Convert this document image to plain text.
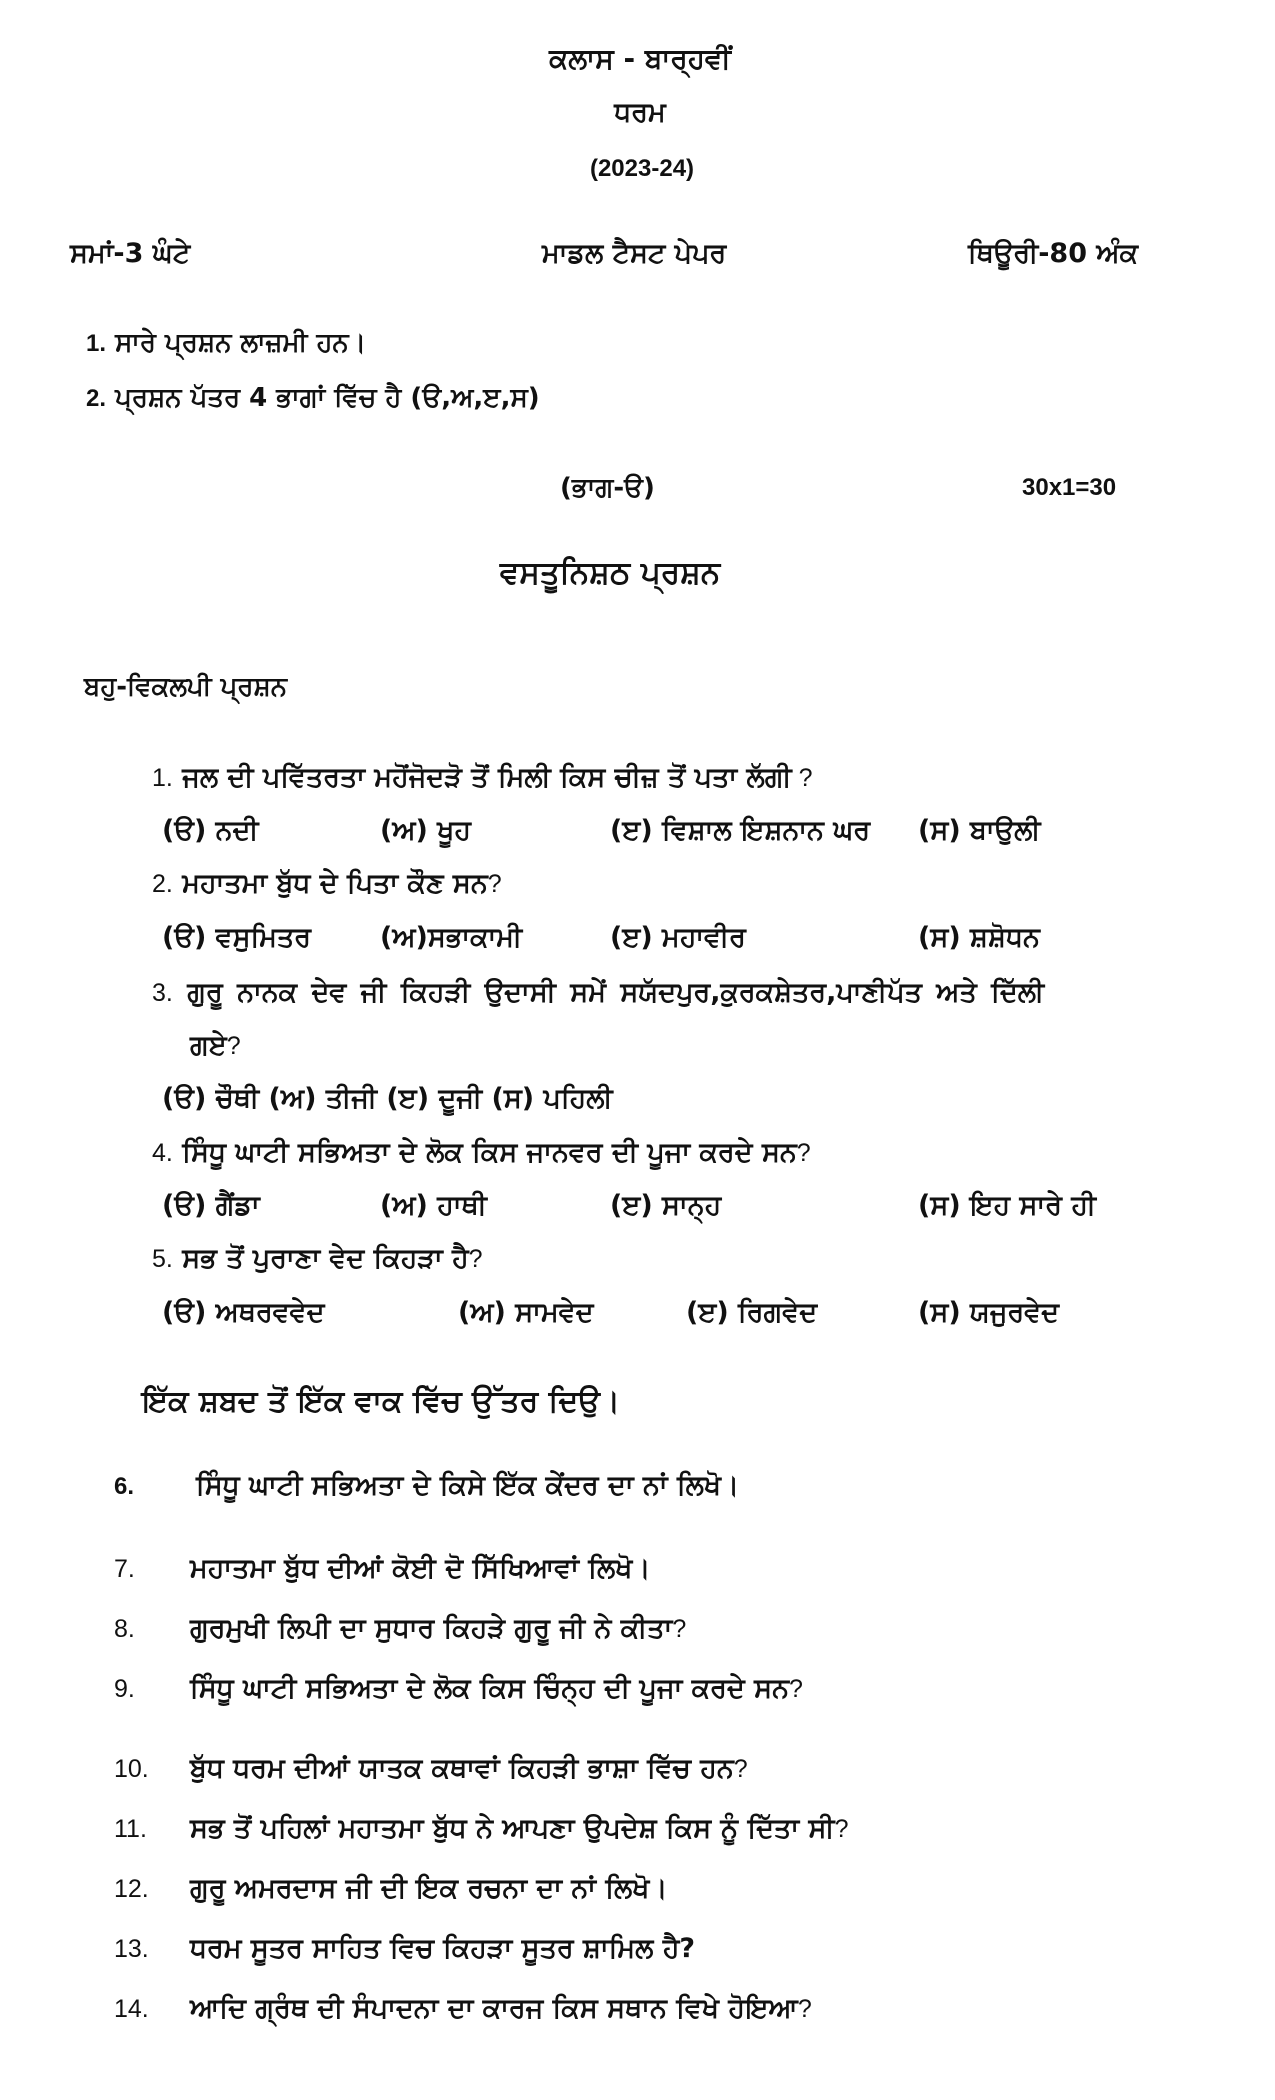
ਕਲਾਸ - ਬਾਰ੍ਹਵੀਂ
ਧਰਮ
(2023-24)
ਸਮਾਂ-3 ਘੰਟੇ	ਮਾਡਲ ਟੈਸਟ ਪੇਪਰ	ਥਿਊਰੀ-80 ਅੰਕ
1. ਸਾਰੇ ਪ੍ਰਸ਼ਨ ਲਾਜ਼ਮੀ ਹਨ।
2. ਪ੍ਰਸ਼ਨ ਪੱਤਰ 4 ਭਾਗਾਂ ਵਿੱਚ ਹੈ (ੳ,ਅ,ੲ,ਸ)
(ਭਾਗ-ੳ)	30x1=30
ਵਸਤੂਨਿਸ਼ਠ ਪ੍ਰਸ਼ਨ
ਬਹੁ-ਵਿਕਲਪੀ ਪ੍ਰਸ਼ਨ
1. ਜਲ ਦੀ ਪਵਿੱਤਰਤਾ ਮਹੋਂਜੋਦੜੋ ਤੋਂ ਮਿਲੀ ਕਿਸ ਚੀਜ਼ ਤੋਂ ਪਤਾ ਲੱਗੀ ?
(ੳ) ਨਦੀ	(ਅ) ਖੂਹ	(ੲ) ਵਿਸ਼ਾਲ ਇਸ਼ਨਾਨ ਘਰ (ਸ) ਬਾਉਲੀ
2. ਮਹਾਤਮਾ ਬੁੱਧ ਦੇ ਪਿਤਾ ਕੌਣ ਸਨ?
(ੳ) ਵਸੁਮਿਤਰ	(ਅ)ਸਭਾਕਾਮੀ	(ੲ) ਮਹਾਵੀਰ	(ਸ) ਸ਼ਸ਼ੋਧਨ
3. ਗੁਰੂ ਨਾਨਕ ਦੇਵ ਜੀ ਕਿਹੜੀ ਉਦਾਸੀ ਸਮੇਂ ਸਯੱਦਪੁਰ,ਕੁਰਕਸ਼ੇਤਰ,ਪਾਣੀਪੱਤ ਅਤੇ ਦਿੱਲੀ
ਗਏ?
(ੳ) ਚੌਥੀ (ਅ) ਤੀਜੀ (ੲ) ਦੂਜੀ (ਸ) ਪਹਿਲੀ
4. ਸਿੰਧੂ ਘਾਟੀ ਸਭਿਅਤਾ ਦੇ ਲੋਕ ਕਿਸ ਜਾਨਵਰ ਦੀ ਪੂਜਾ ਕਰਦੇ ਸਨ?
(ੳ) ਗੈਂਡਾ	(ਅ) ਹਾਥੀ	(ੲ) ਸਾਨ੍ਹ	(ਸ) ਇਹ ਸਾਰੇ ਹੀ
5. ਸਭ ਤੋਂ ਪੁਰਾਣਾ ਵੇਦ ਕਿਹੜਾ ਹੈ?
(ੳ) ਅਥਰਵਵੇਦ	(ਅ) ਸਾਮਵੇਦ	(ੲ) ਰਿਗਵੇਦ	(ਸ) ਯਜੁਰਵੇਦ
ਇੱਕ ਸ਼ਬਦ ਤੋਂ ਇੱਕ ਵਾਕ ਵਿੱਚ ਉੱਤਰ ਦਿਉ।
6. ਸਿੰਧੂ ਘਾਟੀ ਸਭਿਅਤਾ ਦੇ ਕਿਸੇ ਇੱਕ ਕੇਂਦਰ ਦਾ ਨਾਂ ਲਿਖੋ।
7. ਮਹਾਤਮਾ ਬੁੱਧ ਦੀਆਂ ਕੋਈ ਦੋ ਸਿੱਖਿਆਵਾਂ ਲਿਖੋ।
8. ਗੁਰਮੁਖੀ ਲਿਪੀ ਦਾ ਸੁਧਾਰ ਕਿਹੜੇ ਗੁਰੂ ਜੀ ਨੇ ਕੀਤਾ?
9. ਸਿੰਧੂ ਘਾਟੀ ਸਭਿਅਤਾ ਦੇ ਲੋਕ ਕਿਸ ਚਿੰਨ੍ਹ ਦੀ ਪੂਜਾ ਕਰਦੇ ਸਨ?
10. ਬੁੱਧ ਧਰਮ ਦੀਆਂ ਯਾਤਕ ਕਥਾਵਾਂ ਕਿਹੜੀ ਭਾਸ਼ਾ ਵਿੱਚ ਹਨ?
11. ਸਭ ਤੋਂ ਪਹਿਲਾਂ ਮਹਾਤਮਾ ਬੁੱਧ ਨੇ ਆਪਣਾ ਉਪਦੇਸ਼ ਕਿਸ ਨੂੰ ਦਿੱਤਾ ਸੀ?
12. ਗੁਰੂ ਅਮਰਦਾਸ ਜੀ ਦੀ ਇਕ ਰਚਨਾ ਦਾ ਨਾਂ ਲਿਖੋ।
13. ਧਰਮ ਸੂਤਰ ਸਾਹਿਤ ਵਿਚ ਕਿਹੜਾ ਸੂਤਰ ਸ਼ਾਮਿਲ ਹੈ?
14. ਆਦਿ ਗ੍ਰੰਥ ਦੀ ਸੰਪਾਦਨਾ ਦਾ ਕਾਰਜ ਕਿਸ ਸਥਾਨ ਵਿਖੇ ਹੋਇਆ?
